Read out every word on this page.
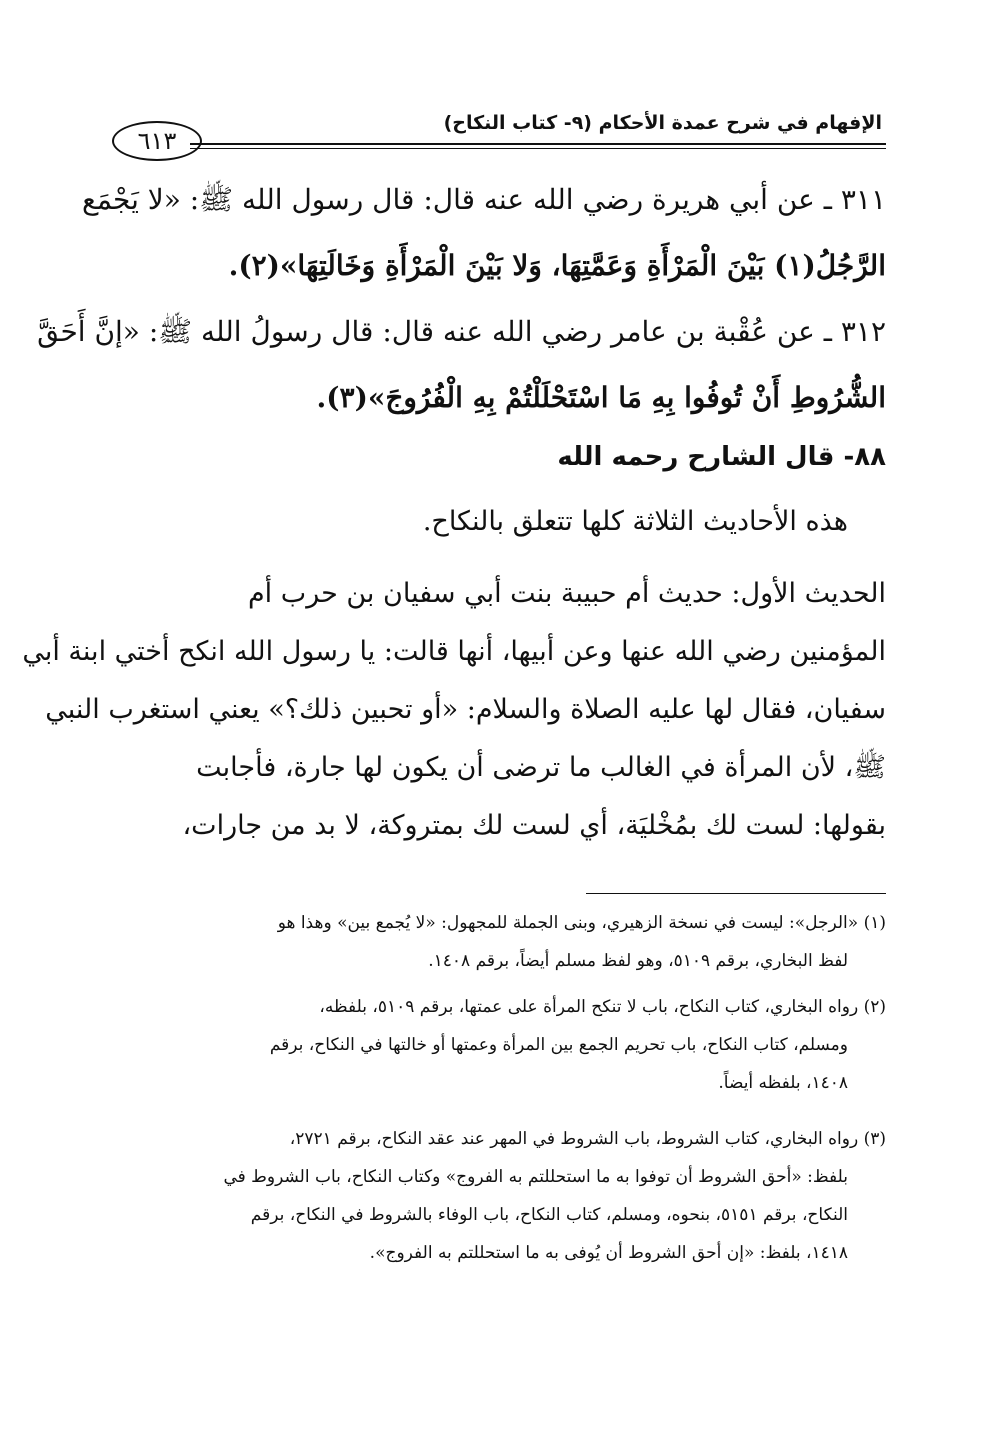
الإفهام في شرح عمدة الأحكام (٩- كتاب النكاح)
٦١٣
٣١١ ـ عن أبي هريرة رضي الله عنه قال: قال رسول الله ﷺ: «لا يَجْمَع
الرَّجُلُ(١) بَيْنَ الْمَرْأَةِ وَعَمَّتِهَا، وَلا بَيْنَ الْمَرْأَةِ وَخَالَتِهَا»(٢).
٣١٢ ـ عن عُقْبة بن عامر رضي الله عنه قال: قال رسولُ الله ﷺ: «إنَّ أَحَقَّ
الشُّرُوطِ أَنْ تُوفُوا بِهِ مَا اسْتَحْلَلْتُمْ بِهِ الْفُرُوجَ»(٣).
٨٨- قال الشارح رحمه الله
هذه الأحاديث الثلاثة كلها تتعلق بالنكاح.
الحديث الأول: حديث أم حبيبة بنت أبي سفيان بن حرب أم
المؤمنين رضي الله عنها وعن أبيها، أنها قالت: يا رسول الله انكح أختي ابنة أبي
سفيان، فقال لها عليه الصلاة والسلام: «أو تحبين ذلك؟» يعني استغرب النبي
ﷺ، لأن المرأة في الغالب ما ترضى أن يكون لها جارة، فأجابت
بقولها: لست لك بمُخْليَة، أي لست لك بمتروكة، لا بد من جارات،
(١) «الرجل»: ليست في نسخة الزهيري، وبنى الجملة للمجهول: «لا يُجمع بين» وهذا هو
لفظ البخاري، برقم ٥١٠٩، وهو لفظ مسلم أيضاً، برقم ١٤٠٨.
(٢) رواه البخاري، كتاب النكاح، باب لا تنكح المرأة على عمتها، برقم ٥١٠٩، بلفظه،
ومسلم، كتاب النكاح، باب تحريم الجمع بين المرأة وعمتها أو خالتها في النكاح، برقم
١٤٠٨، بلفظه أيضاً.
(٣) رواه البخاري، كتاب الشروط، باب الشروط في المهر عند عقد النكاح، برقم ٢٧٢١،
بلفظ: «أحق الشروط أن توفوا به ما استحللتم به الفروج» وكتاب النكاح، باب الشروط في
النكاح، برقم ٥١٥١، بنحوه، ومسلم، كتاب النكاح، باب الوفاء بالشروط في النكاح، برقم
١٤١٨، بلفظ: «إن أحق الشروط أن يُوفى به ما استحللتم به الفروج».
